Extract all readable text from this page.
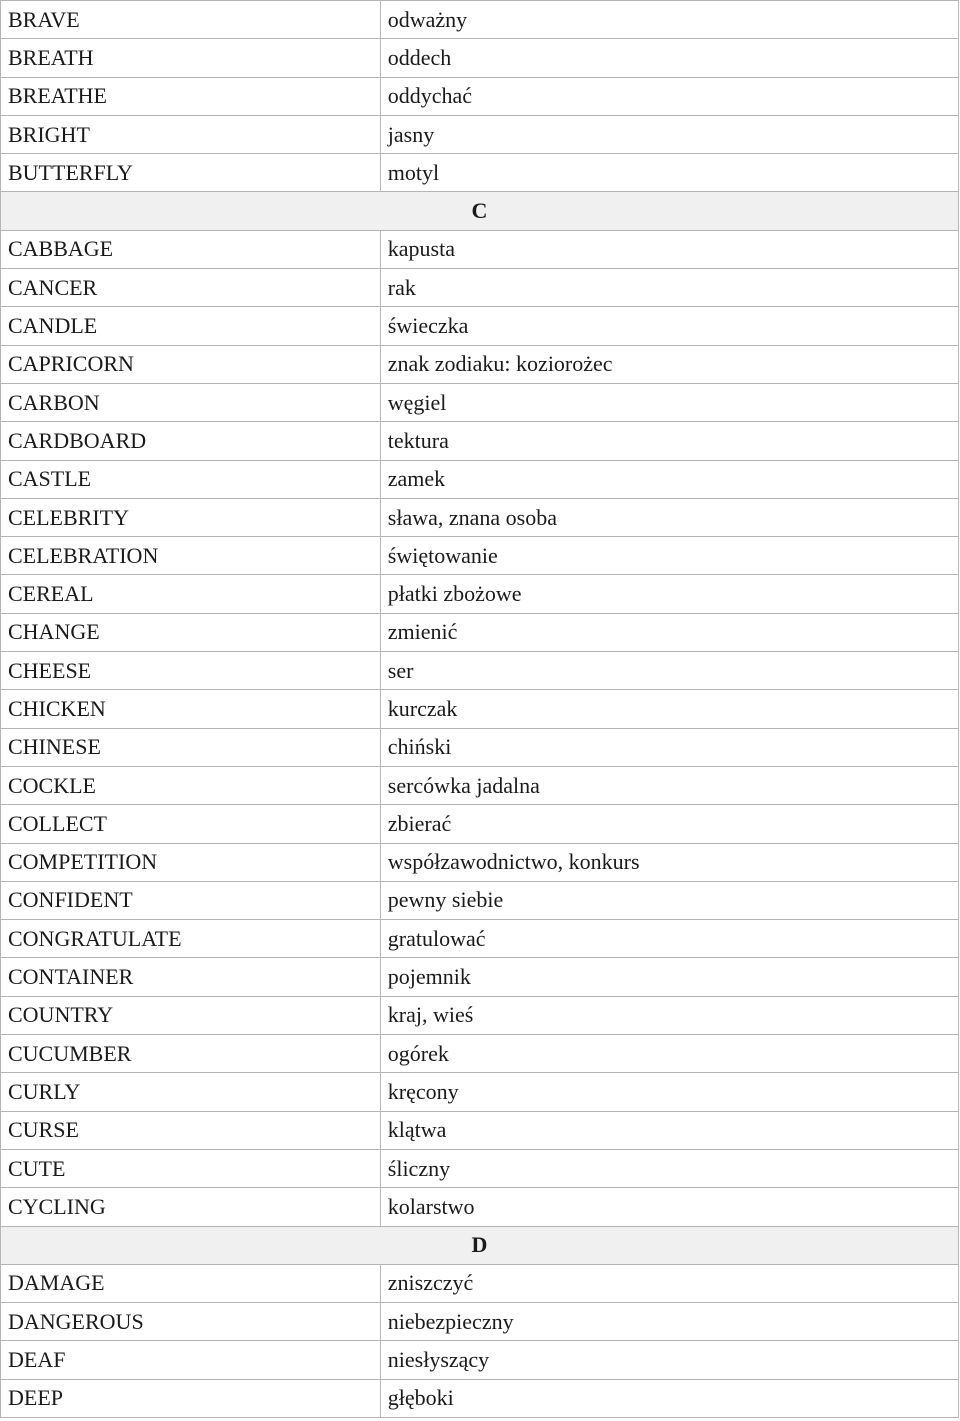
BRAVE	odważny
BREATH	oddech
BREATHE	oddychać
BRIGHT	jasny
BUTTERFLY	motyl
C	
CABBAGE	kapusta
CANCER	rak
CANDLE	świeczka
CAPRICORN	znak zodiaku: koziorożec
CARBON	węgiel
CARDBOARD	tektura
CASTLE	zamek
CELEBRITY	sława, znana osoba
CELEBRATION	świętowanie
CEREAL	płatki zbożowe
CHANGE	zmienić
CHEESE	ser
CHICKEN	kurczak
CHINESE	chiński
COCKLE	sercówka jadalna
COLLECT	zbierać
COMPETITION	współzawodnictwo, konkurs
CONFIDENT	pewny siebie
CONGRATULATE	gratulować
CONTAINER	pojemnik
COUNTRY	kraj, wieś
CUCUMBER	ogórek
CURLY	kręcony
CURSE	klątwa
CUTE	śliczny
CYCLING	kolarstwo
D	
DAMAGE	zniszczyć
DANGEROUS	niebezpieczny
DEAF	niesłyszący
DEEP	głęboki
